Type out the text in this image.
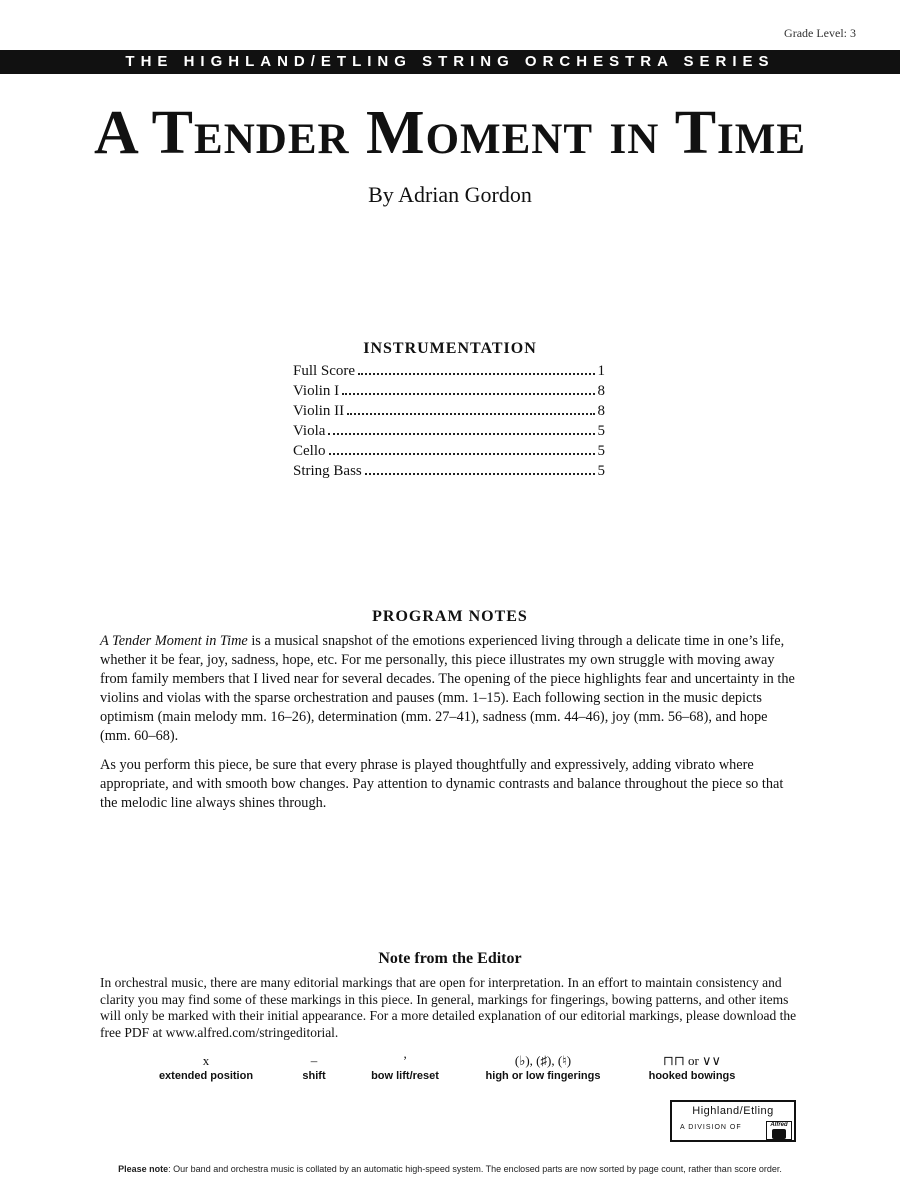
Grade Level: 3
THE HIGHLAND/ETLING STRING ORCHESTRA SERIES
A Tender Moment in Time
By Adrian Gordon
INSTRUMENTATION
Full Score	1
Violin I	8
Violin II	8
Viola	5
Cello	5
String Bass	5
PROGRAM NOTES

A Tender Moment in Time is a musical snapshot of the emotions experienced living through a delicate time in one’s life, whether it be fear, joy, sadness, hope, etc. For me personally, this piece illustrates my own struggle with moving away from family members that I lived near for several decades. The opening of the piece highlights fear and uncertainty in the violins and violas with the sparse orchestration and pauses (mm. 1–15). Each following section in the music depicts optimism (main melody mm. 16–26), determination (mm. 27–41), sadness (mm. 44–46), joy (mm. 56–68), and hope (mm. 60–68).

As you perform this piece, be sure that every phrase is played thoughtfully and expressively, adding vibrato where appropriate, and with smooth bow changes. Pay attention to dynamic contrasts and balance throughout the piece so that the melodic line always shines through.

Note from the Editor
In orchestral music, there are many editorial markings that are open for interpretation. In an effort to maintain consistency and clarity you may find some of these markings in this piece. In general, markings for fingerings, bowing patterns, and other items will only be marked with their initial appearance. For a more detailed explanation of our editorial markings, please download the free PDF at www.alfred.com/stringeditorial.
x
extended position
–
shift
’
bow lift/reset
(♭), (♯), (♮)
high or low fingerings
⊓⊓ or ∨∨
hooked bowings
Highland/Etling
A DIVISION OF	Alfred
Please note: Our band and orchestra music is collated by an automatic high-speed system. The enclosed parts are now sorted by page count, rather than score order.
